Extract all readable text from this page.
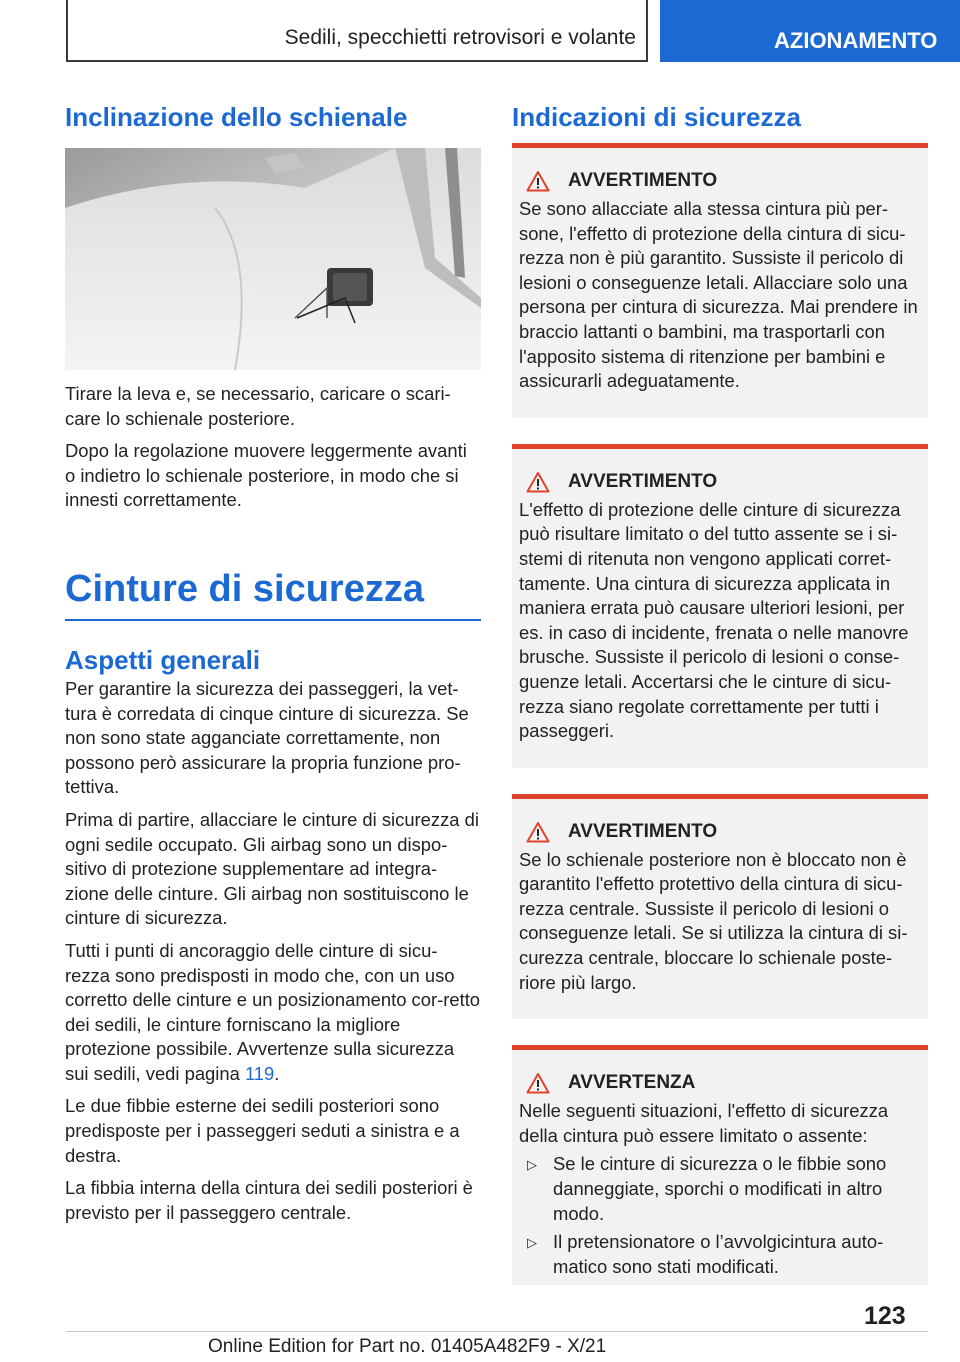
Sedili, specchietti retrovisori e volante	AZIONAMENTO
Inclinazione dello schienale

Tirare la leva e, se necessario, caricare o scari-care lo schienale posteriore.

Dopo la regolazione muovere leggermente avanti o indietro lo schienale posteriore, in modo che si innesti correttamente.

Cinture di sicurezza
Aspetti generali

Per garantire la sicurezza dei passeggeri, la vet-tura è corredata di cinque cinture di sicurezza. Se non sono state agganciate correttamente, non possono però assicurare la propria funzione pro-tettiva.

Prima di partire, allacciare le cinture di sicurezza di ogni sedile occupato. Gli airbag sono un dispo-sitivo di protezione supplementare ad integra-zione delle cinture. Gli airbag non sostituiscono le cinture di sicurezza.

Tutti i punti di ancoraggio delle cinture di sicu-rezza sono predisposti in modo che, con un uso corretto delle cinture e un posizionamento cor-retto dei sedili, le cinture forniscano la migliore protezione possibile. Avvertenze sulla sicurezza sui sedili, vedi pagina 119.

Le due fibbie esterne dei sedili posteriori sono predisposte per i passeggeri seduti a sinistra e a destra.

La fibbia interna della cintura dei sedili posteriori è previsto per il passeggero centrale.

Indicazioni di sicurezza
AVVERTIMENTO

Se sono allacciate alla stessa cintura più per-sone, l'effetto di protezione della cintura di sicu-rezza non è più garantito. Sussiste il pericolo di lesioni o conseguenze letali. Allacciare solo una persona per cintura di sicurezza. Mai prendere in braccio lattanti o bambini, ma trasportarli con l'apposito sistema di ritenzione per bambini e assicurarli adeguatamente.

AVVERTIMENTO

L'effetto di protezione delle cinture di sicurezza può risultare limitato o del tutto assente se i si-stemi di ritenuta non vengono applicati corret-tamente. Una cintura di sicurezza applicata in maniera errata può causare ulteriori lesioni, per es. in caso di incidente, frenata o nelle manovre brusche. Sussiste il pericolo di lesioni o conse-guenze letali. Accertarsi che le cinture di sicu-rezza siano regolate correttamente per tutti i passeggeri.

AVVERTIMENTO

Se lo schienale posteriore non è bloccato non è garantito l'effetto protettivo della cintura di sicu-rezza centrale. Sussiste il pericolo di lesioni o conseguenze letali. Se si utilizza la cintura di si-curezza centrale, bloccare lo schienale poste-riore più largo.

AVVERTENZA

Nelle seguenti situazioni, l'effetto di sicurezza della cintura può essere limitato o assente:

▷ Se le cinture di sicurezza o le fibbie sono danneggiate, sporchi o modificati in altro modo.

▷ Il pretensionatore o l’avvolgicintura auto-matico sono stati modificati.

123
Online Edition for Part no. 01405A482F9 - X/21
